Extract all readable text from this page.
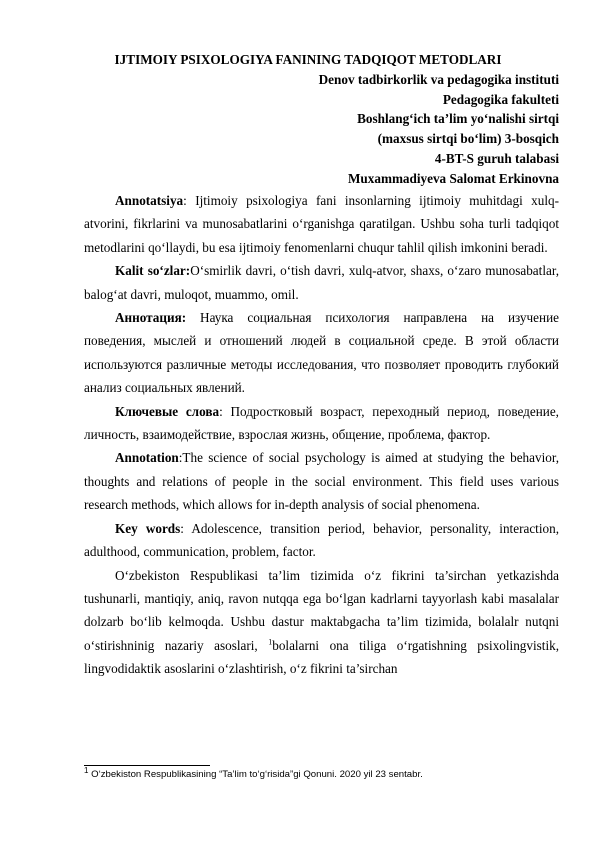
IJTIMOIY PSIXOLOGIYA FANINING TADQIQOT METODLARI
Denov tadbirkorlik va pedagogika instituti
Pedagogika fakulteti
Boshlang‘ich ta’lim yo‘nalishi sirtqi
(maxsus sirtqi bo‘lim) 3-bosqich
4-BT-S guruh talabasi
Muxammadiyeva Salomat Erkinovna

Annotatsiya: Ijtimoiy psixologiya fani insonlarning ijtimoiy muhitdagi xulq-atvorini, fikrlarini va munosabatlarini o‘rganishga qaratilgan. Ushbu soha turli tadqiqot metodlarini qo‘llaydi, bu esa ijtimoiy fenomenlarni chuqur tahlil qilish imkonini beradi.

Kalit so‘zlar:O‘smirlik davri, o‘tish davri, xulq-atvor, shaxs, o‘zaro munosabatlar, balog‘at davri, muloqot, muammo, omil.

Аннотация: Наука социальная психология направлена на изучение поведения, мыслей и отношений людей в социальной среде. В этой области используются различные методы исследования, что позволяет проводить глубокий анализ социальных явлений.

Ключевые слова: Подростковый возраст, переходный период, поведение, личность, взаимодействие, взрослая жизнь, общение, проблема, фактор.

Annotation:The science of social psychology is aimed at studying the behavior, thoughts and relations of people in the social environment. This field uses various research methods, which allows for in-depth analysis of social phenomena.

Key words: Adolescence, transition period, behavior, personality, interaction, adulthood, communication, problem, factor.

O‘zbekiston Respublikasi ta’lim tizimida o‘z fikrini ta’sirchan yetkazishda tushunarli, mantiqiy, aniq, ravon nutqqa ega bo‘lgan kadrlarni tayyorlash kabi masalalar dolzarb bo‘lib kelmoqda. Ushbu dastur maktabgacha ta’lim tizimida, bolalalr nutqni o‘stirishninig nazariy asoslari, $^1$bolalarni ona tiliga o‘rgatishning psixolingvistik, lingvodidaktik asoslarini o‘zlashtirish, o‘z fikrini ta’sirchan

$^1$ O‘zbekiston Respublikasining “Ta’lim to‘g‘risida”gi Qonuni. 2020 yil 23 sentabr.
